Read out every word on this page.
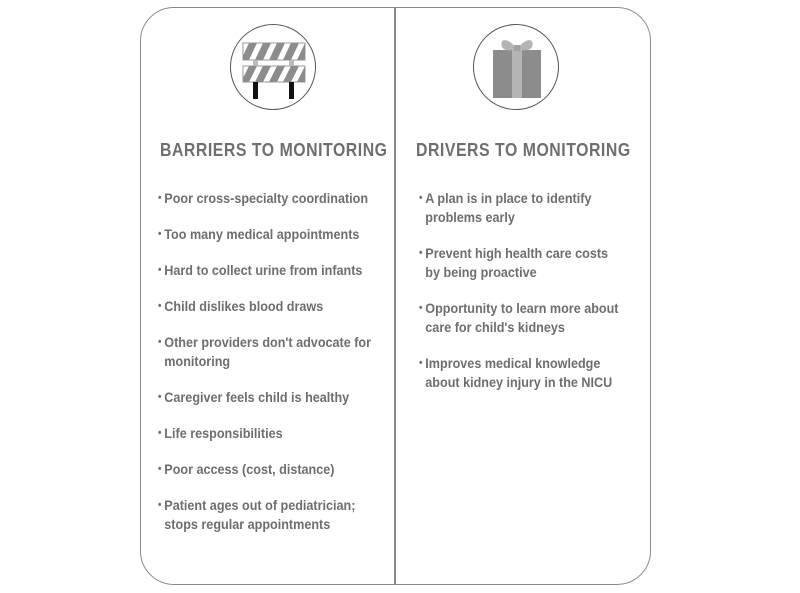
BARRIERS TO MONITORING
• Poor cross-specialty coordination
• Too many medical appointments
• Hard to collect urine from infants
• Child dislikes blood draws
• Other providers don't advocate for monitoring
• Caregiver feels child is healthy
• Life responsibilities
• Poor access (cost, distance)
• Patient ages out of pediatrician; stops regular appointments
DRIVERS TO MONITORING
• A plan is in place to identify problems early
• Prevent high health care costs by being proactive
• Opportunity to learn more about care for child's kidneys
• Improves medical knowledge about kidney injury in the NICU
